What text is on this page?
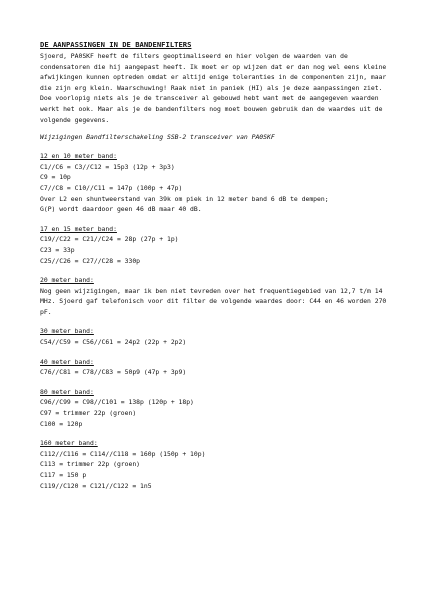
DE AANPASSINGEN IN DE BANDENFILTERS
Sjoerd, PA0SKF heeft de filters geoptimaliseerd en hier volgen de waarden van de condensatoren die hij aangepast heeft. Ik moet er op wijzen dat er dan nog wel eens kleine afwijkingen kunnen optreden omdat er altijd enige toleranties in de componenten zijn, maar die zijn erg klein. Waarschuwing! Raak niet in paniek (HI) als je deze aanpassingen ziet. Doe voorlopig niets als je de transceiver al gebouwd hebt want met de aangegeven waarden werkt het ook. Maar als je de bandenfilters nog moet bouwen gebruik dan de waardes uit de volgende gegevens.
Wijzigingen Bandfilterschakeling SSB-2 transceiver van PA0SKF
12 en 10 meter band:
C1//C6 = C3//C12 = 15p3 (12p + 3p3)
C9 = 10p
C7//C8 = C10//C11 = 147p (100p + 47p)
Over L2 een shuntweerstand van 39k om piek in 12 meter band 6 dB te dempen;
G(P) wordt daardoor geen 46 dB maar 40 dB.
17 en 15 meter band:
C19//C22 = C21//C24 = 28p (27p + 1p)
C23 = 33p
C25//C26 = C27//C28 = 330p
20 meter band:
Nog geen wijzigingen, maar ik ben niet tevreden over het frequentiegebied van 12,7 t/m 14 MHz. Sjoerd gaf telefonisch voor dit filter de volgende waardes door: C44 en 46 worden 270 pF.
30 meter band:
C54//C59 = C56//C61 = 24p2 (22p + 2p2)
40 meter band:
C76//C81 = C78//C83 = 50p9 (47p + 3p9)
80 meter band:
C96//C99 = C98//C101 = 138p (120p + 18p)
C97 = trimmer 22p (groen)
C100 = 120p
160 meter band:
C112//C116 = C114//C118 = 160p (150p + 10p)
C113 = trimmer 22p (groen)
C117 = 150 p
C119//C120 = C121//C122 = 1n5
